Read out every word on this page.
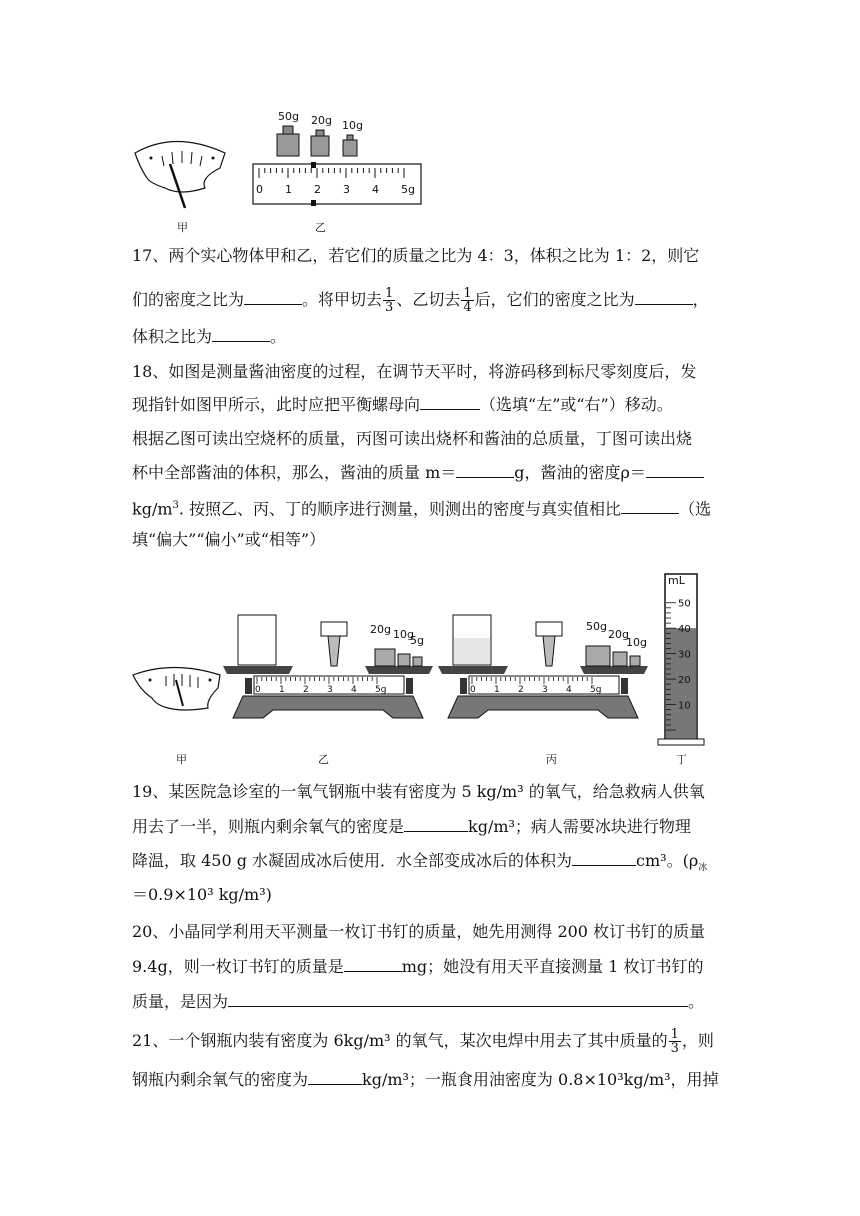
甲
50g 20g 10g
0 1 2 3 4 5g
乙
17、两个实心物体甲和乙，若它们的质量之比为 4：3，体积之比为 1：2，则它
们的密度之比为	。将甲切去 $\frac{1}{3}$ 、乙切去 $\frac{1}{4}$ 后，它们的密度之比为	，
体积之比为	。
18、如图是测量酱油密度的过程，在调节天平时，将游码移到标尺零刻度后，发
现指针如图甲所示，此时应把平衡螺母向	（选填“左”或“右”）移动。
根据乙图可读出空烧杯的质量，丙图可读出烧杯和酱油的总质量，丁图可读出烧
杯中全部酱油的体积，那么，酱油的质量 m＝	g，酱油的密度ρ＝
$kg/m^3$. 按照乙、丙、丁的顺序进行测量，则测出的密度与真实值相比	（选
填“偏大”“偏小”或“相等”）
20g 10g
5g
50g
20g
10g
mL
50
40
30
20
10
甲	乙	丙	丁
0 1 2 3 4 5g	0 1 2 3 4 5g
19、某医院急诊室的一氧气钢瓶中装有密度为 5 kg/m³ 的氧气，给急救病人供氧
用去了一半，则瓶内剩余氧气的密度是	kg/m³；病人需要冰块进行物理
降温，取 450 g 水凝固成冰后使用．水全部变成冰后的体积为	cm³。($\rho_冰$
＝0.9×10³ kg/m³)
20、小晶同学利用天平测量一枚订书钉的质量，她先用测得 200 枚订书钉的质量
9.4g，则一枚订书钉的质量是	mg；她没有用天平直接测量 1 枚订书钉的
质量，是因为	。
21、一个钢瓶内装有密度为 6kg/m³ 的氧气，某次电焊中用去了其中质量的 $\frac{1}{3}$ ，则
钢瓶内剩余氧气的密度为	kg/m³；一瓶食用油密度为 0.8×10³kg/m³，用掉
